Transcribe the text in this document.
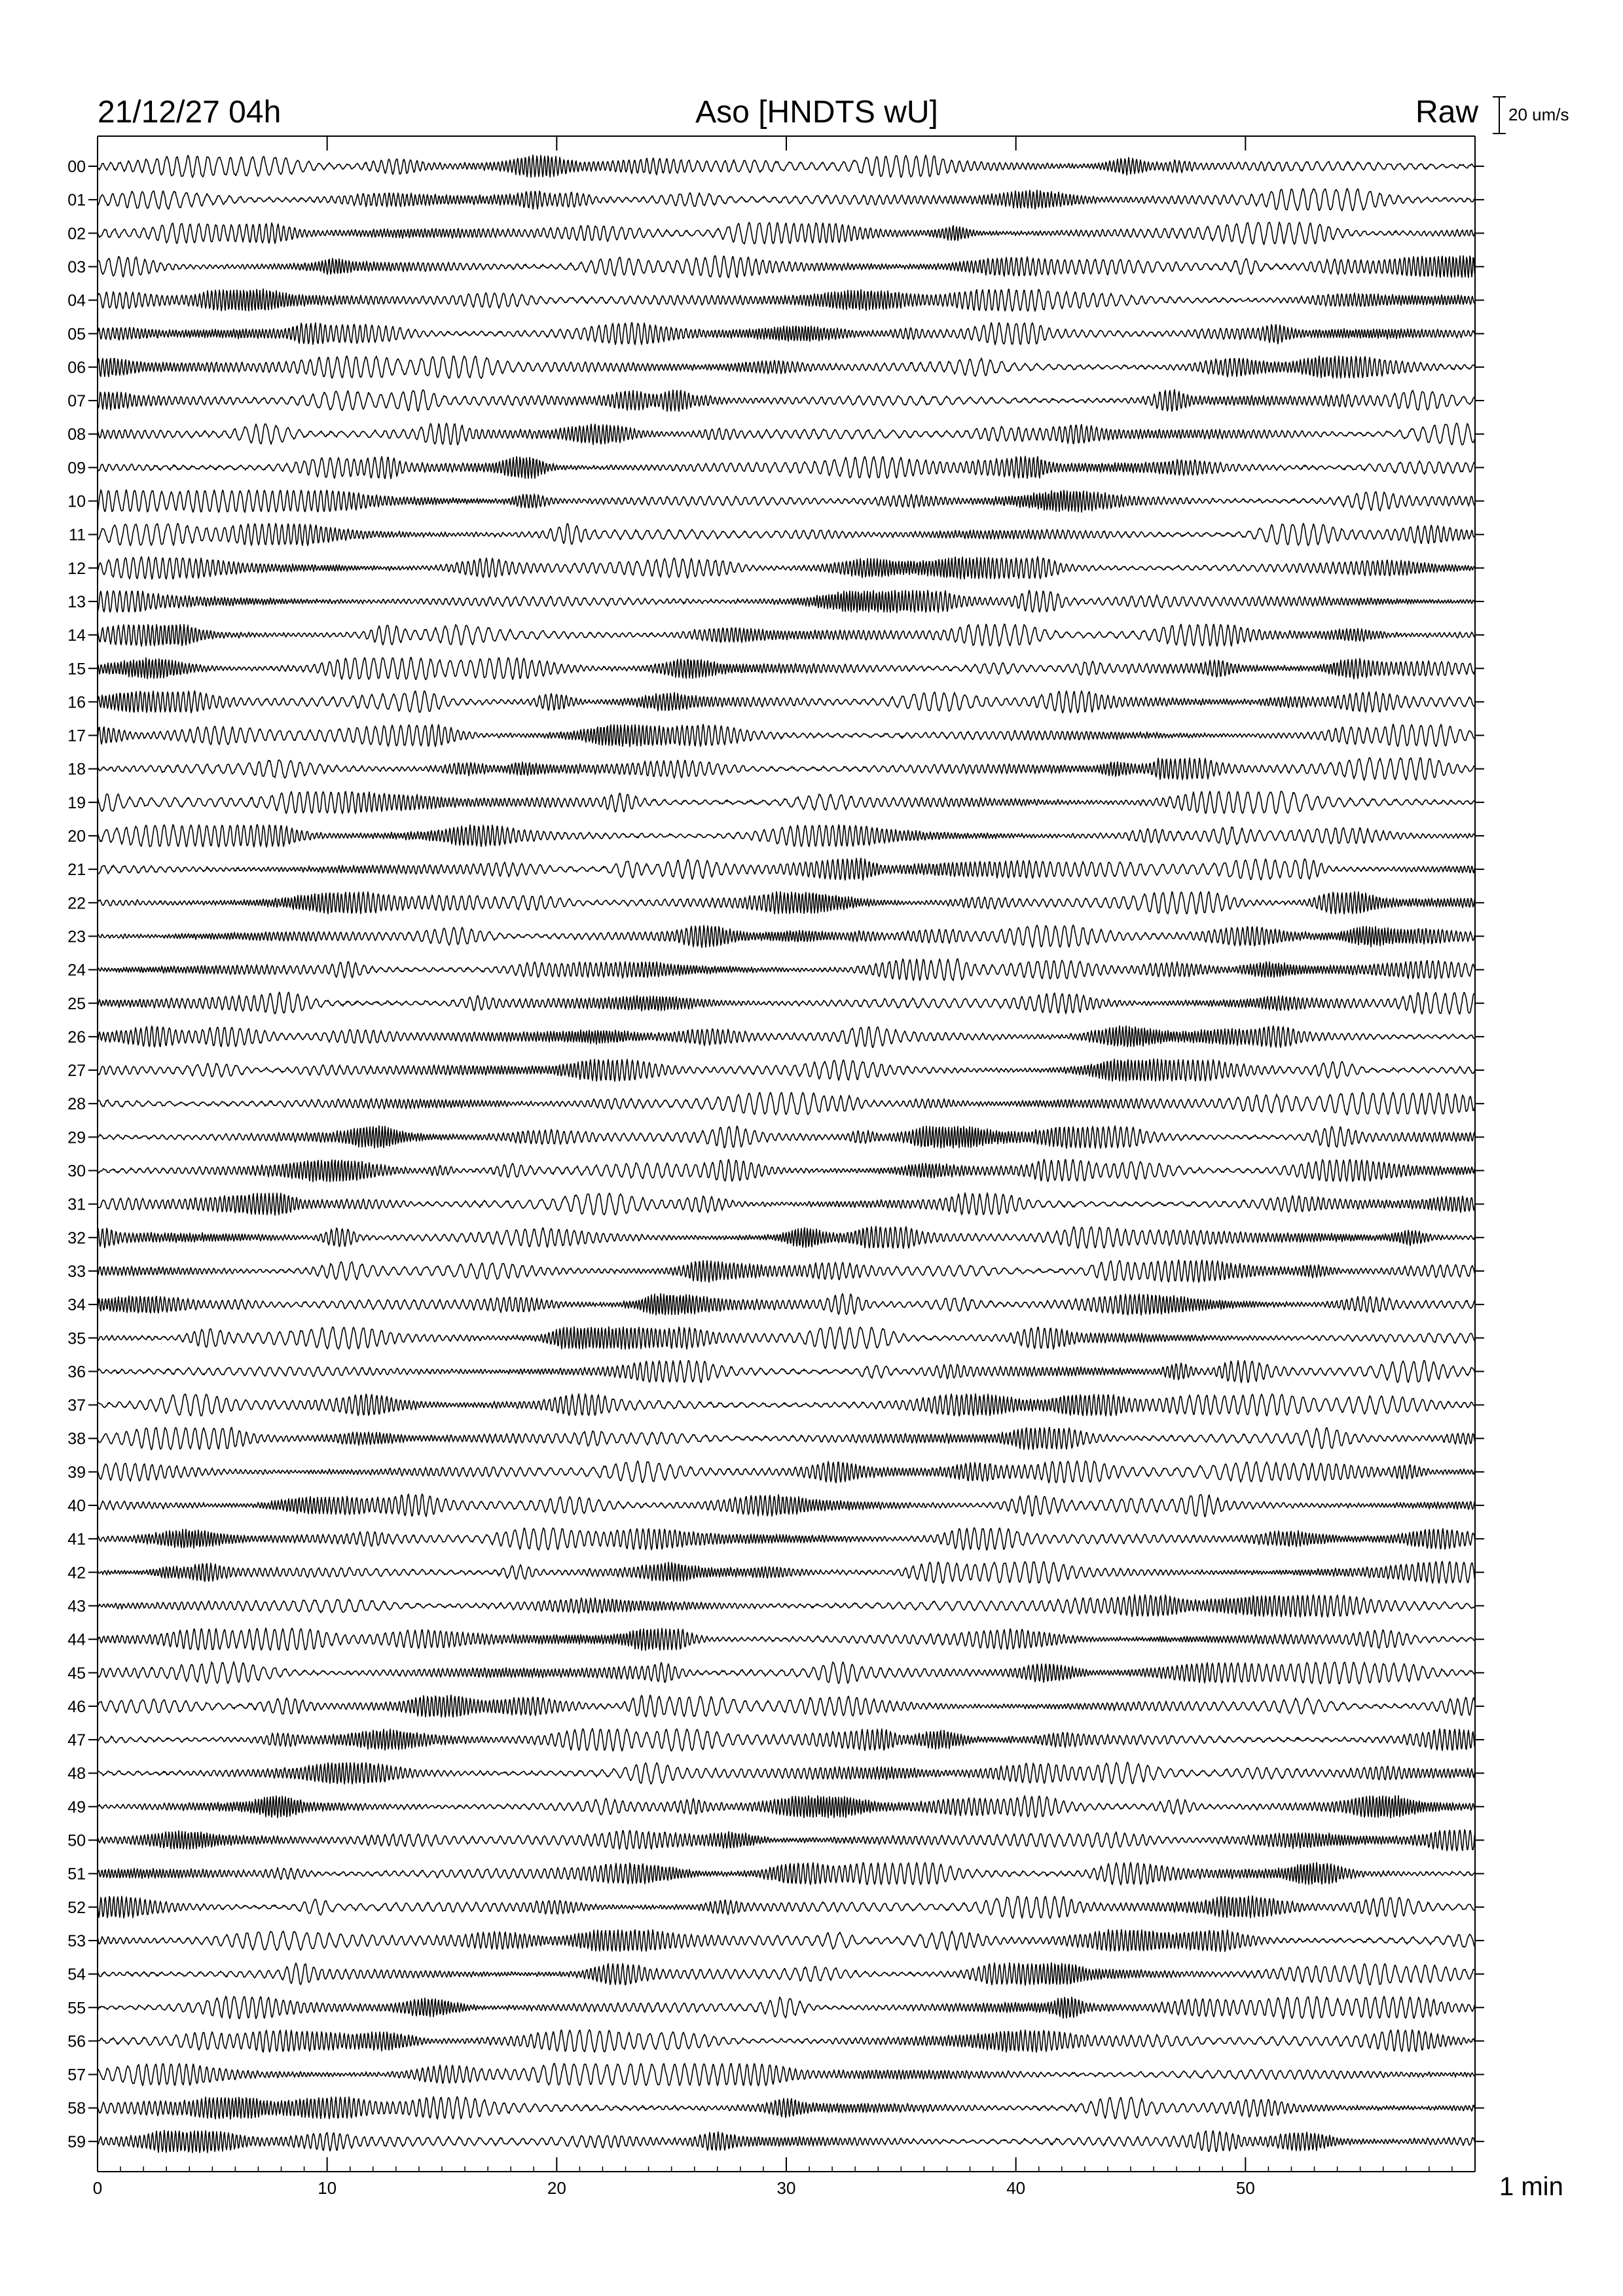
21/12/27 04h	Aso [HNDTS wU]	Raw 20 um/s
1 min
0	10	20	30	40	50
00
01
02
03
04
05
06
07
08
09
10
11
12
13
14
15
16
17
18
19
20
21
22
23
24
25
26
27
28
29
30
31
32
33
34
35
36
37
38
39
40
41
42
43
44
45
46
47
48
49
50
51
52
53
54
55
56
57
58
59
